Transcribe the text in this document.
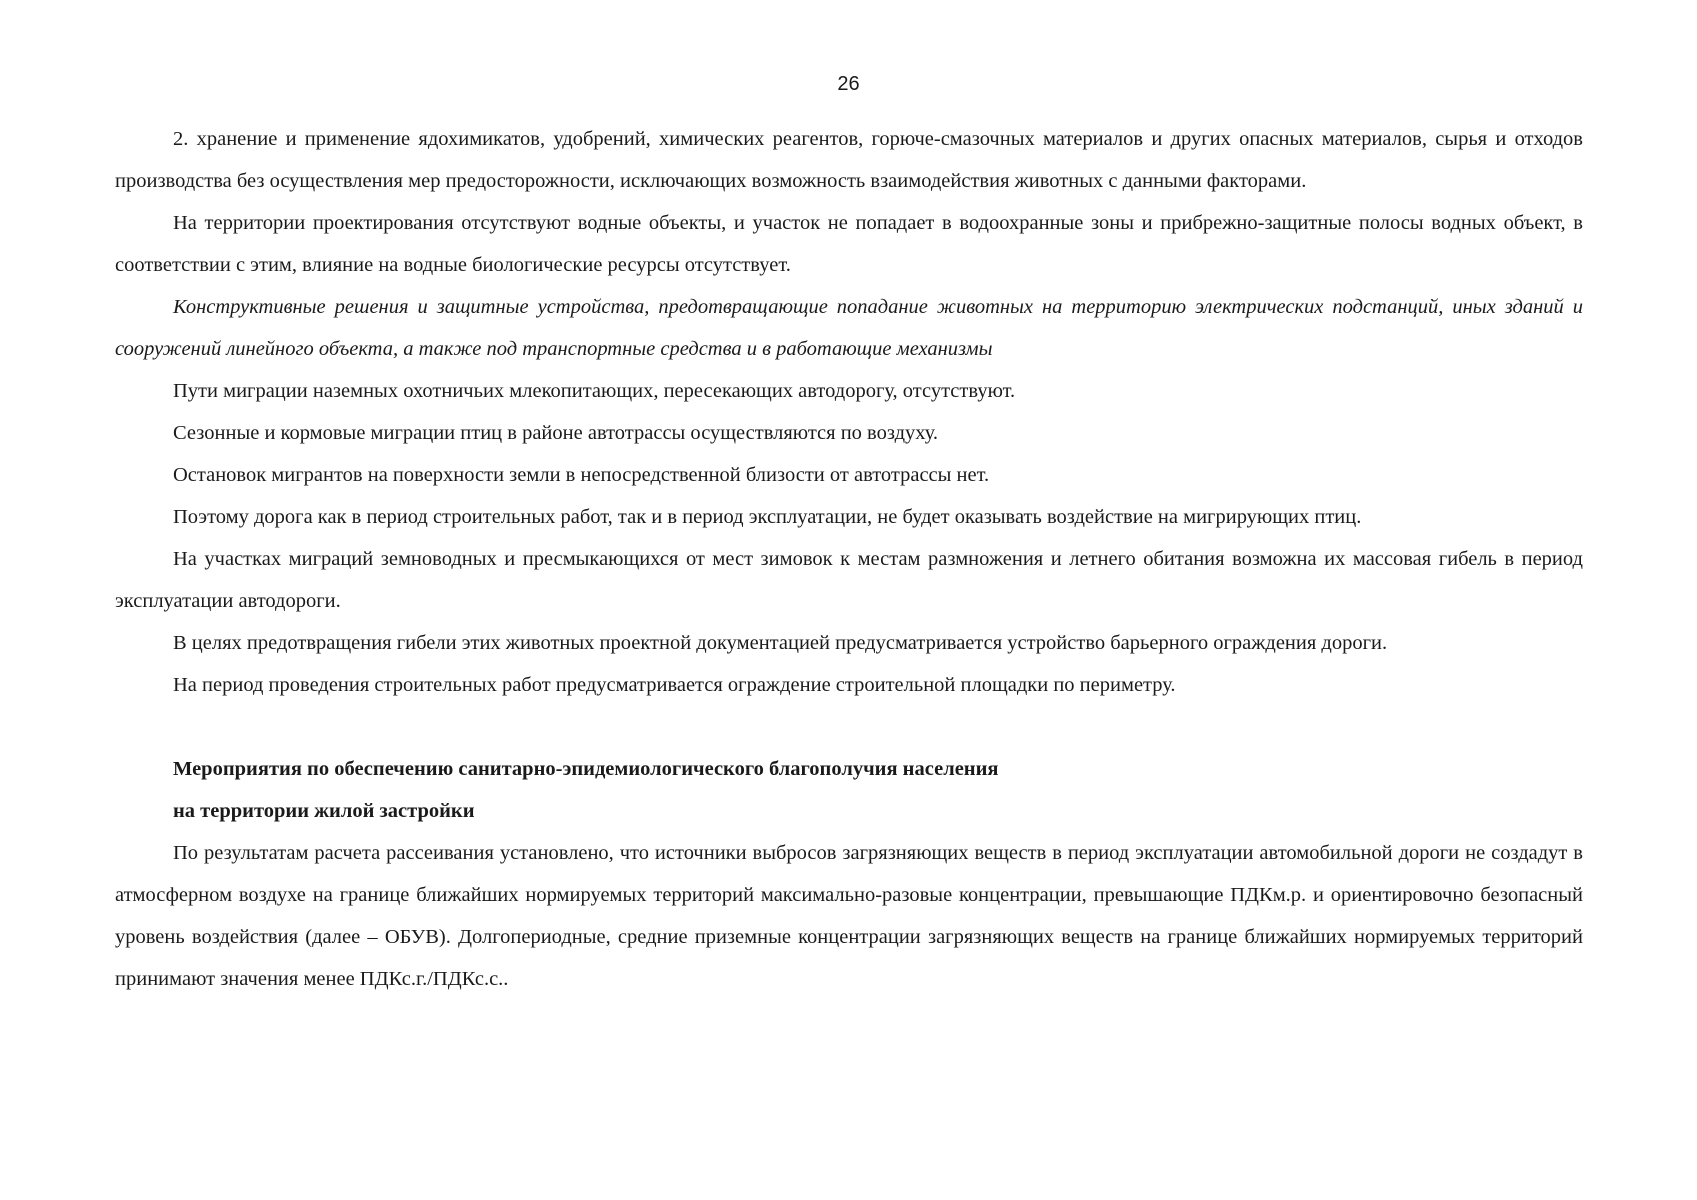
26

2. хранение и применение ядохимикатов, удобрений, химических реагентов, горюче-смазочных материалов и других опасных материалов, сырья и отходов производства без осуществления мер предосторожности, исключающих возможность взаимодействия животных с данными факторами.

На территории проектирования отсутствуют водные объекты, и участок не попадает в водоохранные зоны и прибрежно-защитные полосы водных объект, в соответствии с этим, влияние на водные биологические ресурсы отсутствует.

Конструктивные решения и защитные устройства, предотвращающие попадание животных на территорию электрических подстанций, иных зданий и сооружений линейного объекта, а также под транспортные средства и в работающие механизмы

Пути миграции наземных охотничьих млекопитающих, пересекающих автодорогу, отсутствуют.

Сезонные и кормовые миграции птиц в районе автотрассы осуществляются по воздуху.

Остановок мигрантов на поверхности земли в непосредственной близости от автотрассы нет.

Поэтому дорога как в период строительных работ, так и в период эксплуатации, не будет оказывать воздействие на мигрирующих птиц.

На участках миграций земноводных и пресмыкающихся от мест зимовок к местам размножения и летнего обитания возможна их массовая гибель в период эксплуатации автодороги.

В целях предотвращения гибели этих животных проектной документацией предусматривается устройство барьерного ограждения дороги.

На период проведения строительных работ предусматривается ограждение строительной площадки по периметру.

Мероприятия по обеспечению санитарно-эпидемиологического благополучия населения

на территории жилой застройки

По результатам расчета рассеивания установлено, что источники выбросов загрязняющих веществ в период эксплуатации автомобильной дороги не создадут в атмосферном воздухе на границе ближайших нормируемых территорий максимально-разовые концентрации, превышающие ПДКм.р. и ориентировочно безопасный уровень воздействия (далее – ОБУВ). Долгопериодные, средние приземные концентрации загрязняющих веществ на границе ближайших нормируемых территорий принимают значения менее ПДКс.г./ПДКс.с..
